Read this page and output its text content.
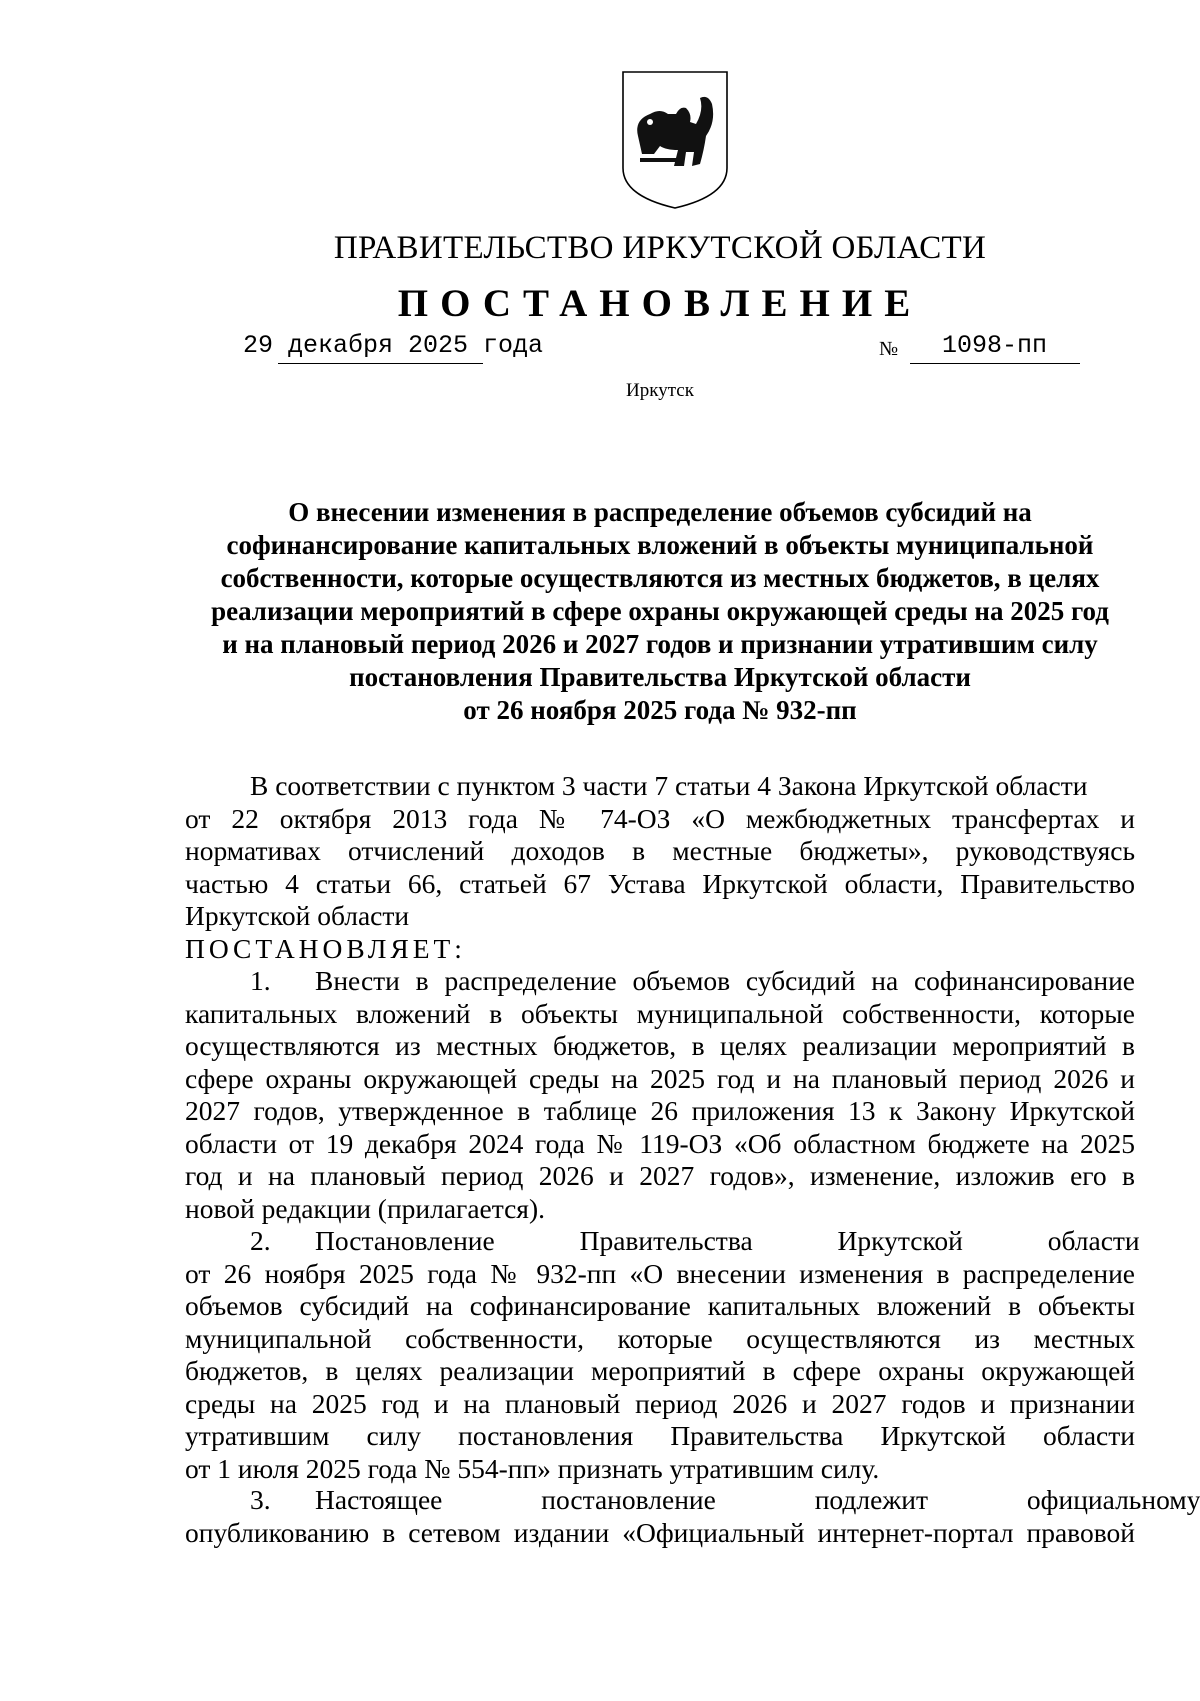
ПРАВИТЕЛЬСТВО ИРКУТСКОЙ ОБЛАСТИ
ПОСТАНОВЛЕНИЕ
29 декабря 2025 года	№ 1098-пп
Иркутск
О внесении изменения в распределение объемов субсидий на
софинансирование капитальных вложений в объекты муниципальной
собственности, которые осуществляются из местных бюджетов, в целях
реализации мероприятий в сфере охраны окружающей среды на 2025 год
и на плановый период 2026 и 2027 годов и признании утратившим силу
постановления Правительства Иркутской области
от 26 ноября 2025 года № 932-пп
В соответствии с пунктом 3 части 7 статьи 4 Закона Иркутской области
от 22 октября 2013 года № 74-ОЗ «О межбюджетных трансфертах и
нормативах отчислений доходов в местные бюджеты», руководствуясь
частью 4 статьи 66, статьей 67 Устава Иркутской области, Правительство
Иркутской области
ПОСТАНОВЛЯЕТ:
1. Внести в распределение объемов субсидий на софинансирование
капитальных вложений в объекты муниципальной собственности, которые
осуществляются из местных бюджетов, в целях реализации мероприятий в
сфере охраны окружающей среды на 2025 год и на плановый период 2026 и
2027 годов, утвержденное в таблице 26 приложения 13 к Закону Иркутской
области от 19 декабря 2024 года № 119-ОЗ «Об областном бюджете на 2025
год и на плановый период 2026 и 2027 годов», изменение, изложив его в
новой редакции (прилагается).
2. Постановление Правительства Иркутской области
от 26 ноября 2025 года № 932-пп «О внесении изменения в распределение
объемов субсидий на софинансирование капитальных вложений в объекты
муниципальной собственности, которые осуществляются из местных
бюджетов, в целях реализации мероприятий в сфере охраны окружающей
среды на 2025 год и на плановый период 2026 и 2027 годов и признании
утратившим силу постановления Правительства Иркутской области
от 1 июля 2025 года № 554-пп» признать утратившим силу.
3. Настоящее постановление подлежит официальному
опубликованию в сетевом издании «Официальный интернет-портал правовой
